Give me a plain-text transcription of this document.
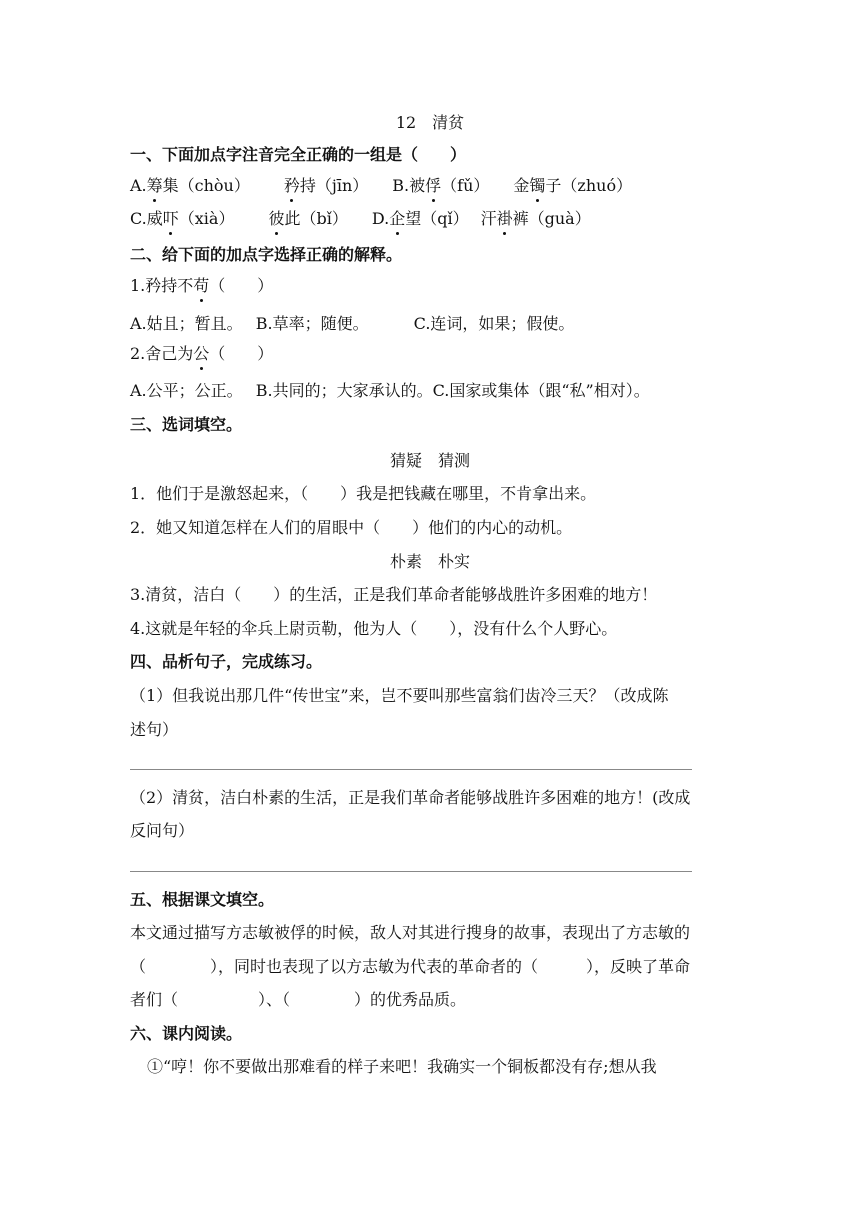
12　清贫
一、下面加点字注音完全正确的一组是（　　）
A.筹集（chòu） 矜持（jīn） B.被俘（fǔ） 金镯子（zhuó）
C.威吓（xià） 彼此（bǐ） D.企望（qǐ） 汗褂裤（guà）
二、给下面的加点字选择正确的解释。
1.矜持不苟（　　）
A.姑且；暂且。　 B.草率；随便。　　　 C.连词，如果；假使。
2.舍己为公（　　）
A.公平；公正。　 B.共同的；大家承认的。C.国家或集体（跟“私”相对）。
三、选词填空。
猜疑　猜测
1．他们于是激怒起来，（　　）我是把钱藏在哪里，不肯拿出来。
2．她又知道怎样在人们的眉眼中（　　）他们的内心的动机。
朴素　朴实
3.清贫，洁白（　　）的生活，正是我们革命者能够战胜许多困难的地方！
4.这就是年轻的伞兵上尉贡勒，他为人（　　），没有什么个人野心。
四、品析句子，完成练习。
（1）但我说出那几件“传世宝”来，岂不要叫那些富翁们齿冷三天？（改成陈
述句）
（2）清贫，洁白朴素的生活，正是我们革命者能够战胜许多困难的地方！(改成
反问句）
五、根据课文填空。
本文通过描写方志敏被俘的时候，敌人对其进行搜身的故事，表现出了方志敏的
（　　　　），同时也表现了以方志敏为代表的革命者的（　　　），反映了革命
者们（　　　　　）、（　　　　）的优秀品质。
六、课内阅读。
①“哼！你不要做出那难看的样子来吧！我确实一个铜板都没有存;想从我
